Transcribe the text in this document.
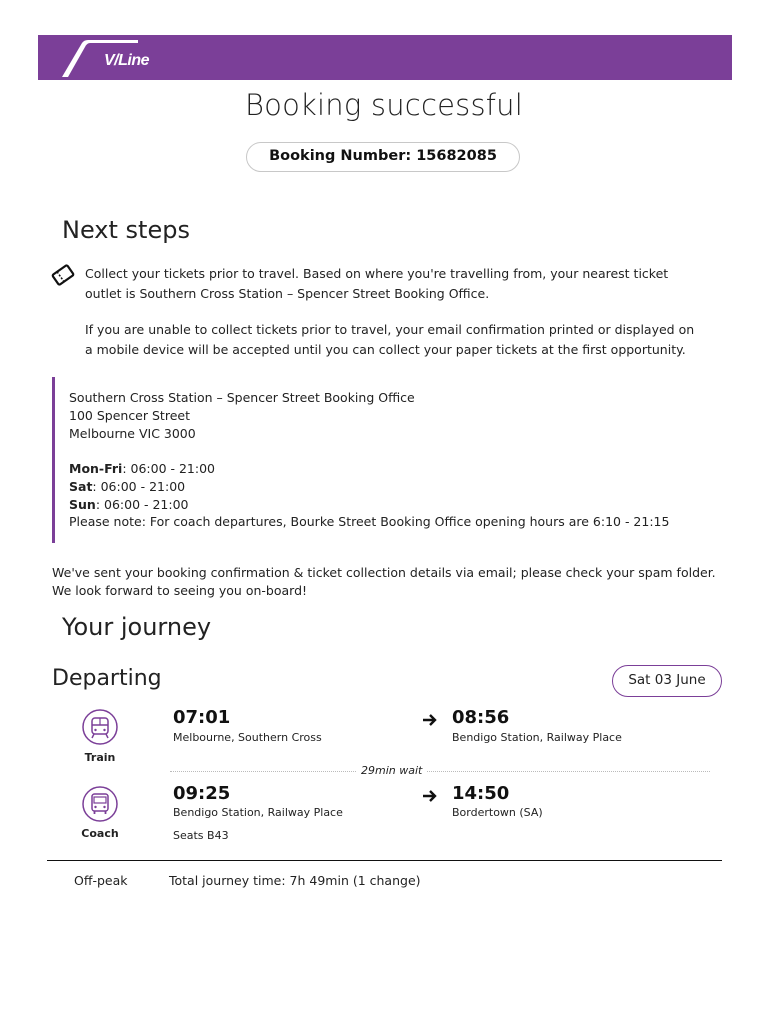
V/Line
Booking successful
Booking Number: 15682085
Next steps
Collect your tickets prior to travel. Based on where you're travelling from, your nearest ticket outlet is Southern Cross Station – Spencer Street Booking Office.
If you are unable to collect tickets prior to travel, your email confirmation printed or displayed on a mobile device will be accepted until you can collect your paper tickets at the first opportunity.
Southern Cross Station – Spencer Street Booking Office
100 Spencer Street
Melbourne VIC 3000
Mon-Fri: 06:00 - 21:00
Sat: 06:00 - 21:00
Sun: 06:00 - 21:00
Please note: For coach departures, Bourke Street Booking Office opening hours are 6:10 - 21:15
We've sent your booking confirmation & ticket collection details via email; please check your spam folder. We look forward to seeing you on-board!
Your journey
Departing	Sat 03 June
Train
07:01
Melbourne, Southern Cross
08:56
Bendigo Station, Railway Place
29min wait
Coach
09:25
Bendigo Station, Railway Place
Seats B43
14:50
Bordertown (SA)
Off-peak	Total journey time: 7h 49min (1 change)
